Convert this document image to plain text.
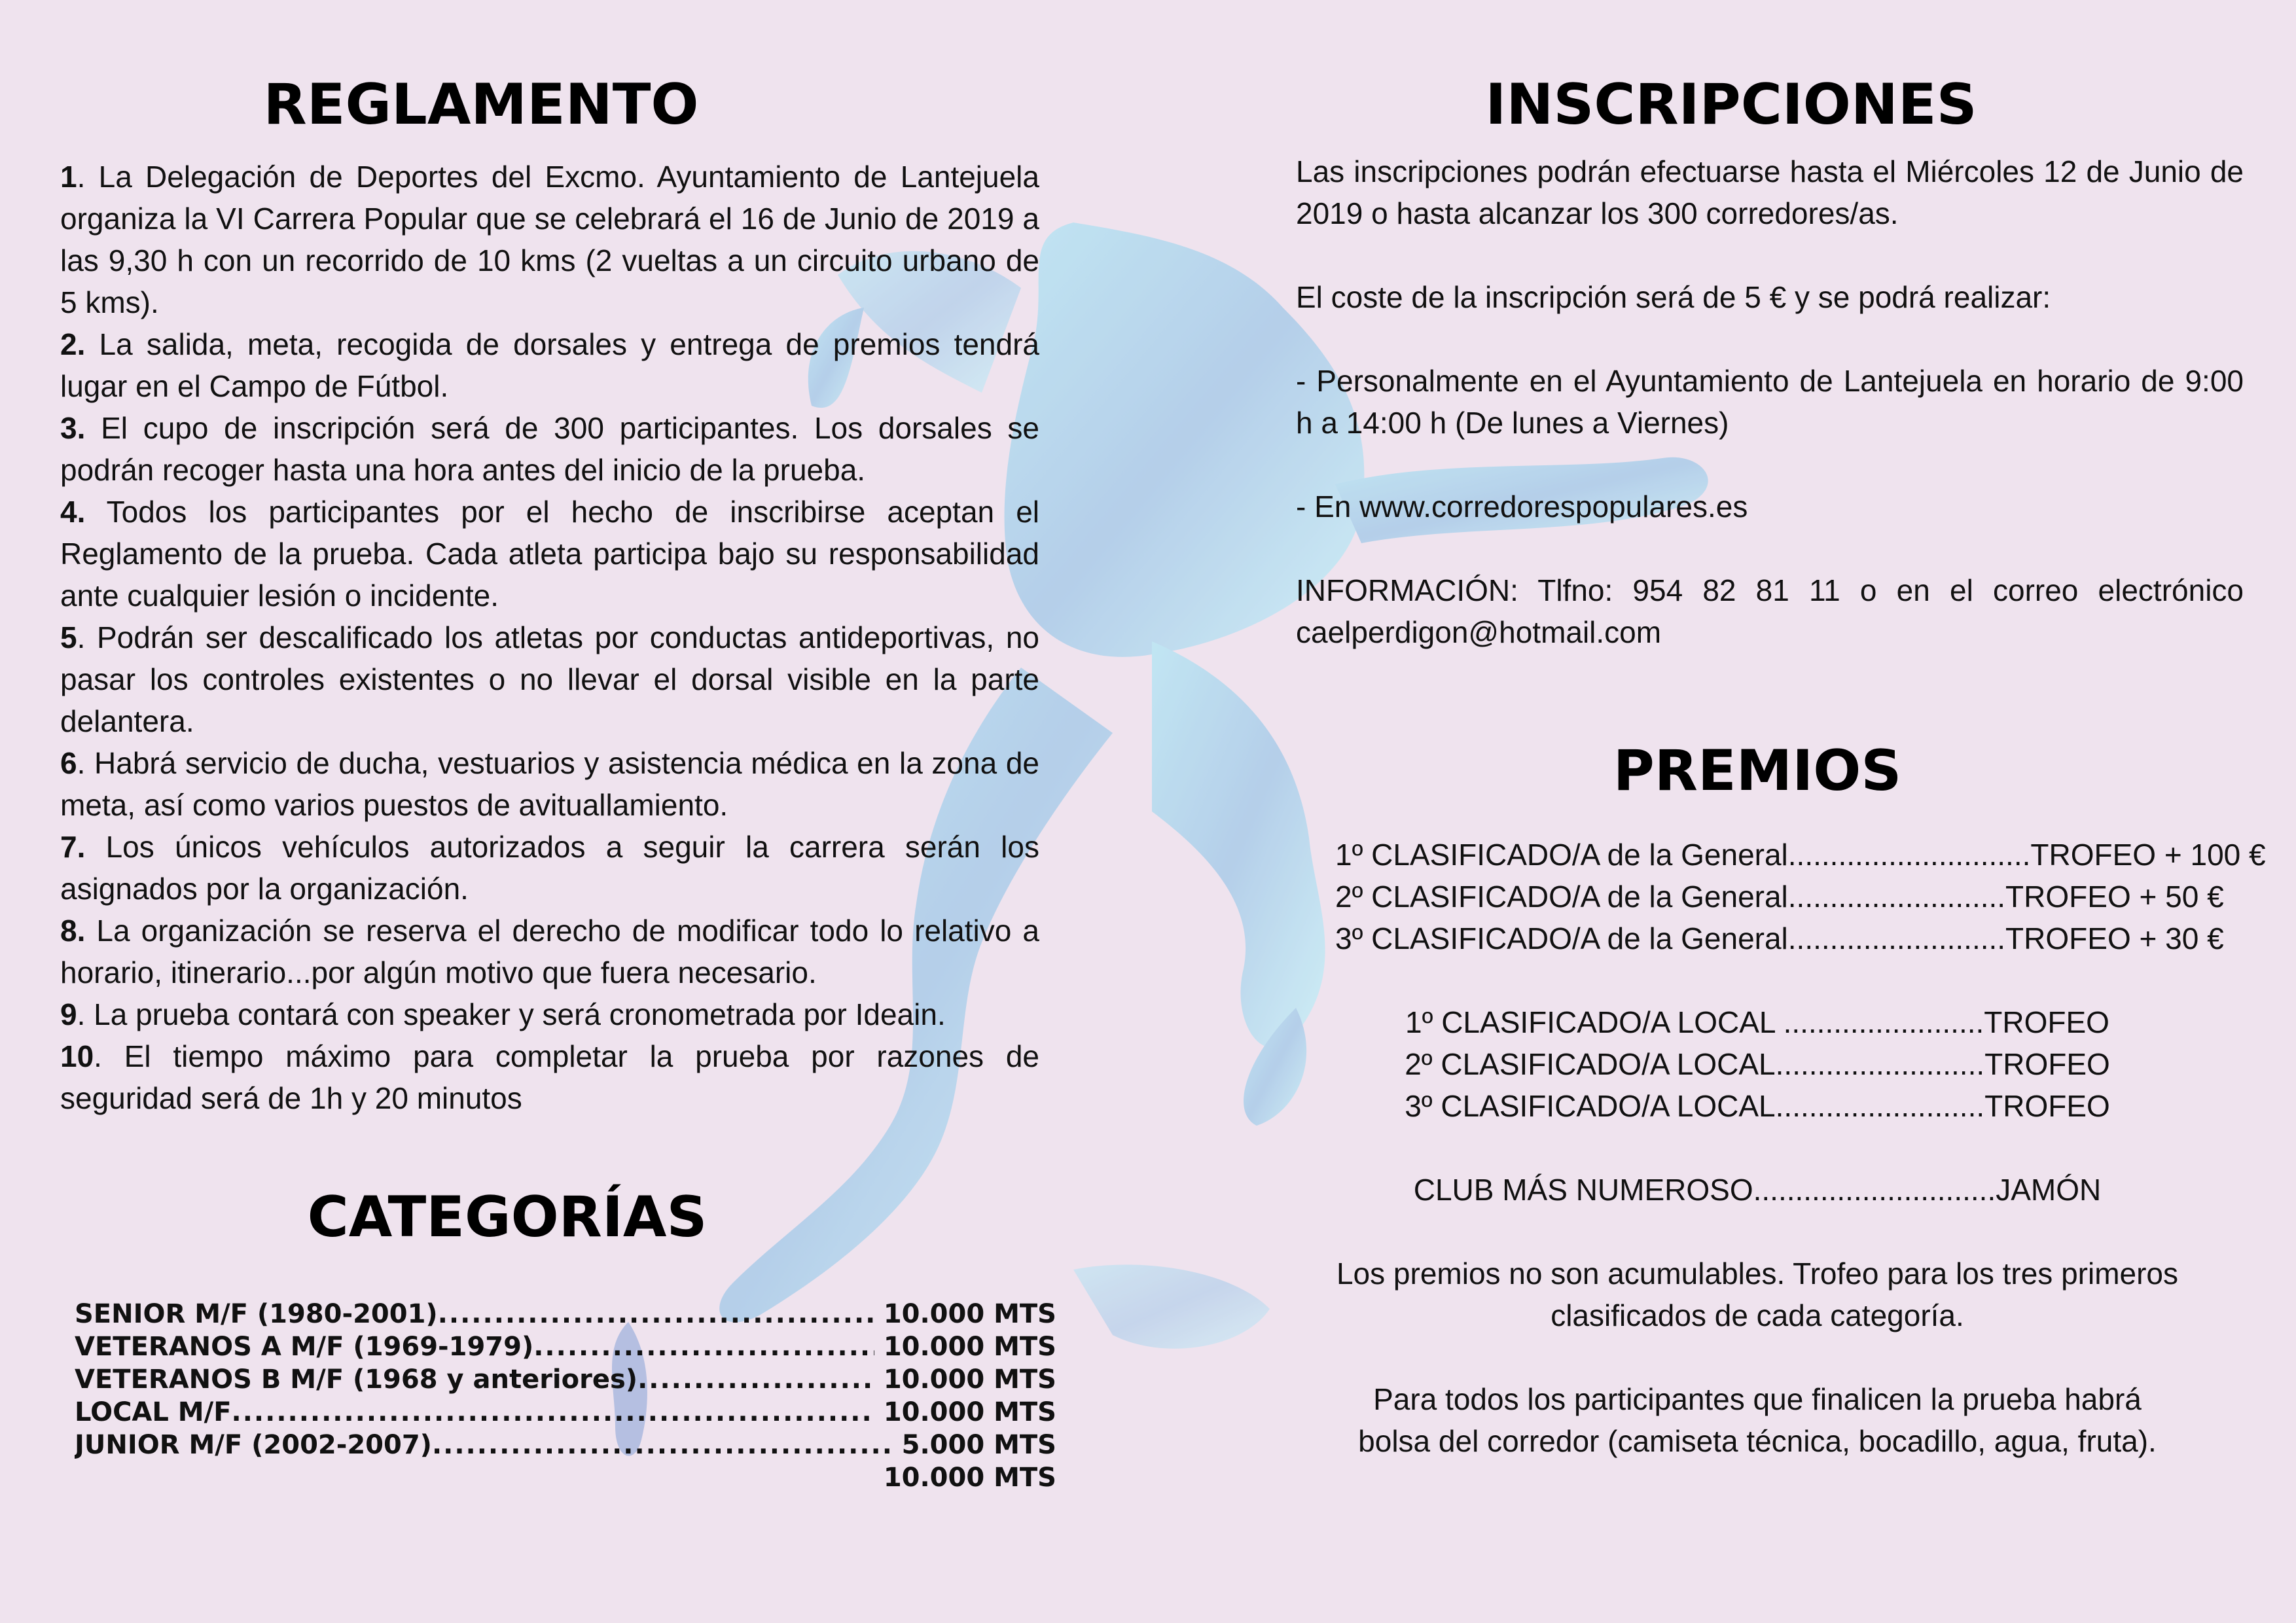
REGLAMENTO

1. La Delegación de Deportes del Excmo. Ayuntamiento de Lantejuela organiza la VI Carrera Popular que se celebrará el 16 de Junio de 2019 a las 9,30 h con un recorrido de 10 kms (2 vueltas a un circuito urbano de 5 kms).

2. La salida, meta, recogida de dorsales y entrega de premios tendrá lugar en el Campo de Fútbol.

3. El cupo de inscripción será de 300 participantes. Los dorsales se podrán recoger hasta una hora antes del inicio de la prueba.

4. Todos los participantes por el hecho de inscribirse aceptan el Reglamento de la prueba. Cada atleta participa bajo su responsabilidad ante cualquier lesión o incidente.

5. Podrán ser descalificado los atletas por conductas antideportivas, no pasar los controles existentes o no llevar el dorsal visible en la parte delantera.

6. Habrá servicio de ducha, vestuarios y asistencia médica en la zona de meta, así como varios puestos de avituallamiento.

7. Los únicos vehículos autorizados a seguir la carrera serán los asignados por la organización.

8. La organización se reserva el derecho de modificar todo lo relativo a horario, itinerario...por algún motivo que fuera necesario.

9. La prueba contará con speaker y será cronometrada por Ideain.

10. El tiempo máximo para completar la prueba por razones de seguridad será de 1h y 20 minutos

CATEGORÍAS
SENIOR M/F (1980-2001) .....	10.000 MTS
VETERANOS A M/F (1969-1979) .....	10.000 MTS
VETERANOS B M/F (1968 y anteriores) .....	10.000 MTS
LOCAL M/F .....	10.000 MTS
JUNIOR M/F (2002-2007) .....	5.000 MTS
10.000 MTS
INSCRIPCIONES

Las inscripciones podrán efectuarse hasta el Miércoles 12 de Junio de 2019 o hasta alcanzar los 300 corredores/as.

El coste de la inscripción será de 5 € y se podrá realizar:

- Personalmente en el Ayuntamiento de Lantejuela en horario de 9:00 h a 14:00 h (De lunes a Viernes)

- En www.corredorespopulares.es

INFORMACIÓN: Tlfno: 954 82 81 11 o en el correo electrónico caelperdigon@hotmail.com

PREMIOS
1º CLASIFICADO/A de la General.............................TROFEO + 100 €
2º CLASIFICADO/A de la General..........................TROFEO + 50 €
3º CLASIFICADO/A de la General..........................TROFEO + 30 €
1º CLASIFICADO/A LOCAL ........................TROFEO
2º CLASIFICADO/A LOCAL.........................TROFEO
3º CLASIFICADO/A LOCAL.........................TROFEO
CLUB MÁS NUMEROSO.............................JAMÓN

Los premios no son acumulables. Trofeo para los tres primeros clasificados de cada categoría.

Para todos los participantes que finalicen la prueba habrá bolsa del corredor (camiseta técnica, bocadillo, agua, fruta).
